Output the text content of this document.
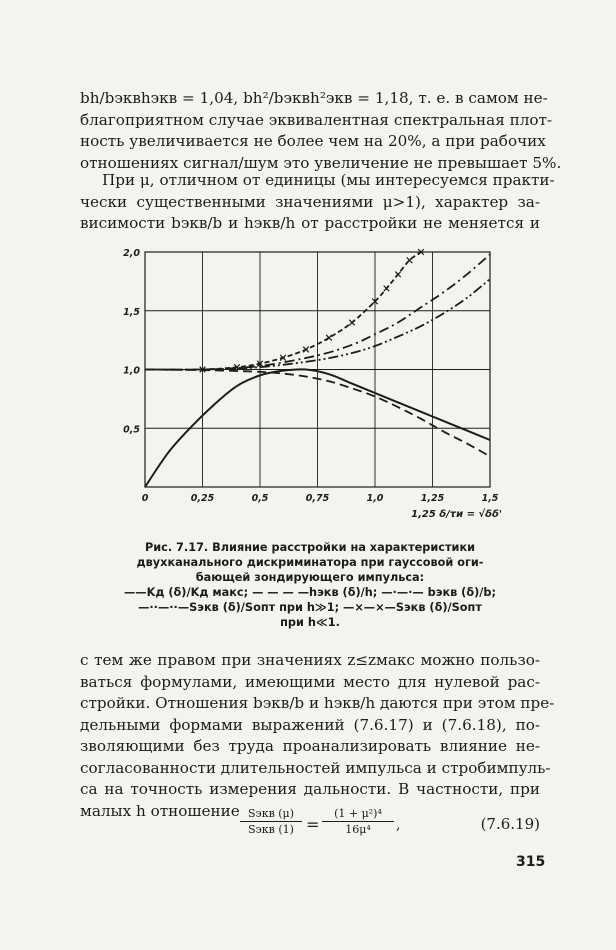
bh/bэквhэкв = 1,04, bh²/bэквh²экв = 1,18, т. е. в самом не-
благоприятном случае эквивалентная спектральная плот-
ность увеличивается не более чем на 20%, а при рабочих
отношениях сигнал/шум это увеличение не превышает 5%.
При μ, отличном от единицы (мы интересуемся практи-
чески существенными значениями μ>1), характер за-
висимости bэкв/b и hэкв/h от расстройки не меняется и
0	0,25	0,5	0,75	1,0	1,25	1,5
0,5
1,0
1,5
2,0
1,25 δ/τи = √δδ'
Рис. 7.17. Влияние расстройки на характеристики
двухканального дискриминатора при гауссовой оги-
бающей зондирующего импульса:
——Kд (δ)/Kд макс; — — — —hэкв (δ)/h; —·—·— bэкв (δ)/b;
—··—··—Sэкв (δ)/Sопт при h≫1; —×—×—Sэкв (δ)/Sопт
при h≪1.
с тем же правом при значениях z≤zмакс можно пользо-
ваться формулами, имеющими место для нулевой рас-
стройки. Отношения bэкв/b и hэкв/h даются при этом пре-
дельными формами выражений (7.6.17) и (7.6.18), по-
зволяющими без труда проанализировать влияние не-
согласованности длительностей импульса и стробимпуль-
са на точность измерения дальности. В частности, при
малых h отношение Sэкв (μ)
Sэкв $(1) = \frac{\text{(1 + μ²)⁴}}{\text{16μ⁴}}$ ,	(7.6.19)
315
